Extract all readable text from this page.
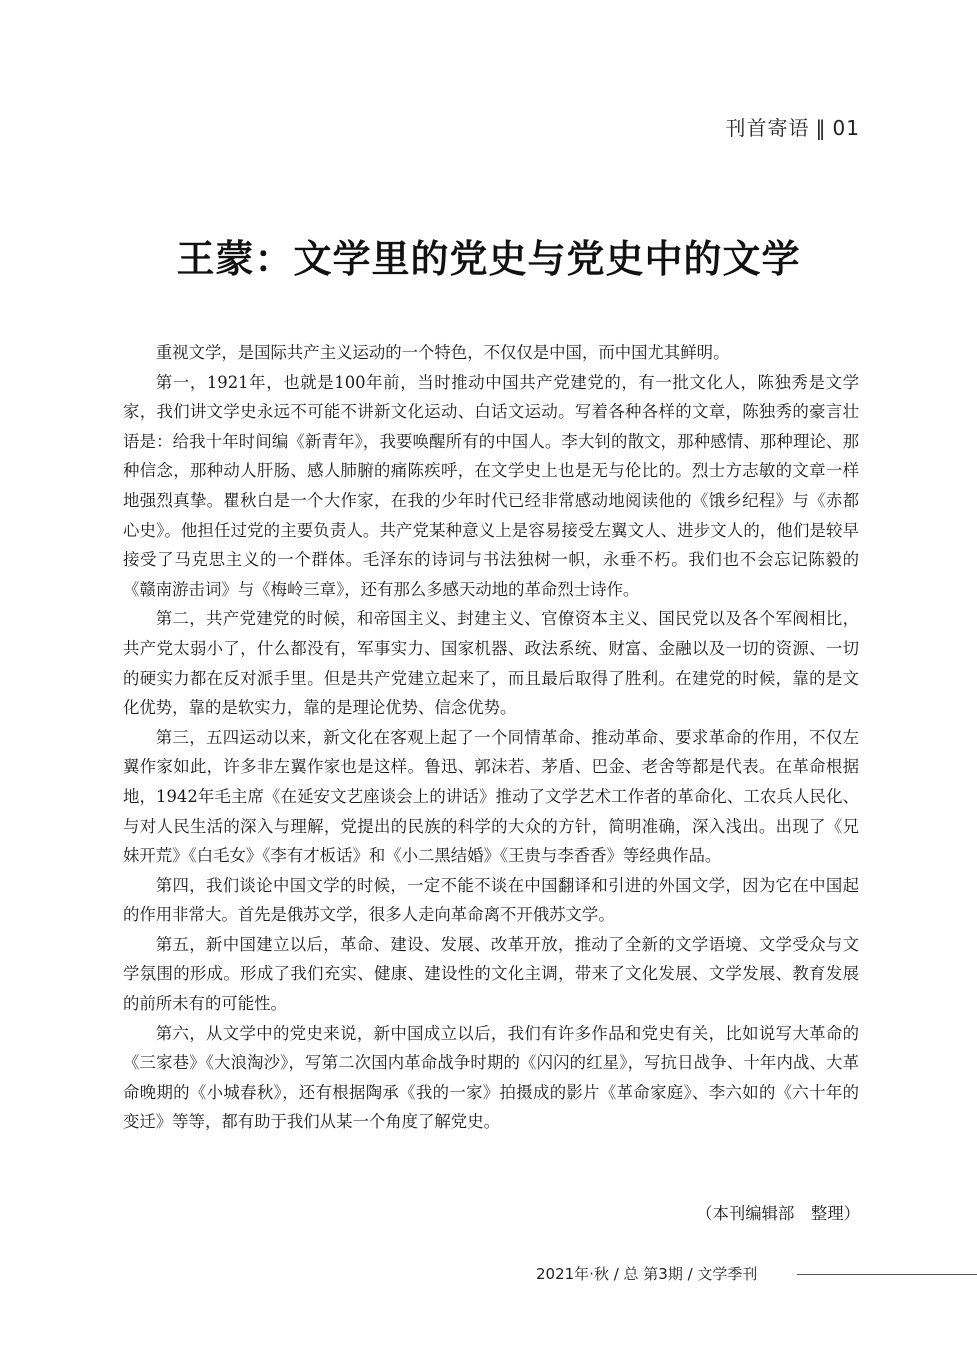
刊首寄语 ‖ 01
王蒙：文学里的党史与党史中的文学

重视文学，是国际共产主义运动的一个特色，不仅仅是中国，而中国尤其鲜明。

第一，1921年，也就是100年前，当时推动中国共产党建党的，有一批文化人，陈独秀是文学家，我们讲文学史永远不可能不讲新文化运动、白话文运动。写着各种各样的文章，陈独秀的豪言壮语是：给我十年时间编《新青年》，我要唤醒所有的中国人。李大钊的散文，那种感情、那种理论、那种信念，那种动人肝肠、感人肺腑的痛陈疾呼，在文学史上也是无与伦比的。烈士方志敏的文章一样地强烈真挚。瞿秋白是一个大作家，在我的少年时代已经非常感动地阅读他的《饿乡纪程》与《赤都心史》。他担任过党的主要负责人。共产党某种意义上是容易接受左翼文人、进步文人的，他们是较早接受了马克思主义的一个群体。毛泽东的诗词与书法独树一帜，永垂不朽。我们也不会忘记陈毅的《赣南游击词》与《梅岭三章》，还有那么多感天动地的革命烈士诗作。

第二，共产党建党的时候，和帝国主义、封建主义、官僚资本主义、国民党以及各个军阀相比，共产党太弱小了，什么都没有，军事实力、国家机器、政法系统、财富、金融以及一切的资源、一切的硬实力都在反对派手里。但是共产党建立起来了，而且最后取得了胜利。在建党的时候，靠的是文化优势，靠的是软实力，靠的是理论优势、信念优势。

第三，五四运动以来，新文化在客观上起了一个同情革命、推动革命、要求革命的作用，不仅左翼作家如此，许多非左翼作家也是这样。鲁迅、郭沫若、茅盾、巴金、老舍等都是代表。在革命根据地，1942年毛主席《在延安文艺座谈会上的讲话》推动了文学艺术工作者的革命化、工农兵人民化、与对人民生活的深入与理解，党提出的民族的科学的大众的方针，简明准确，深入浅出。出现了《兄妹开荒》《白毛女》《李有才板话》和《小二黑结婚》《王贵与李香香》等经典作品。

第四，我们谈论中国文学的时候，一定不能不谈在中国翻译和引进的外国文学，因为它在中国起的作用非常大。首先是俄苏文学，很多人走向革命离不开俄苏文学。

第五，新中国建立以后，革命、建设、发展、改革开放，推动了全新的文学语境、文学受众与文学氛围的形成。形成了我们充实、健康、建设性的文化主调，带来了文化发展、文学发展、教育发展的前所未有的可能性。

第六，从文学中的党史来说，新中国成立以后，我们有许多作品和党史有关，比如说写大革命的《三家巷》《大浪淘沙》，写第二次国内革命战争时期的《闪闪的红星》，写抗日战争、十年内战、大革命晚期的《小城春秋》，还有根据陶承《我的一家》拍摄成的影片《革命家庭》、李六如的《六十年的变迁》等等，都有助于我们从某一个角度了解党史。

（本刊编辑部　整理）
2021年·秋 / 总 第3期 / 文学季刊
